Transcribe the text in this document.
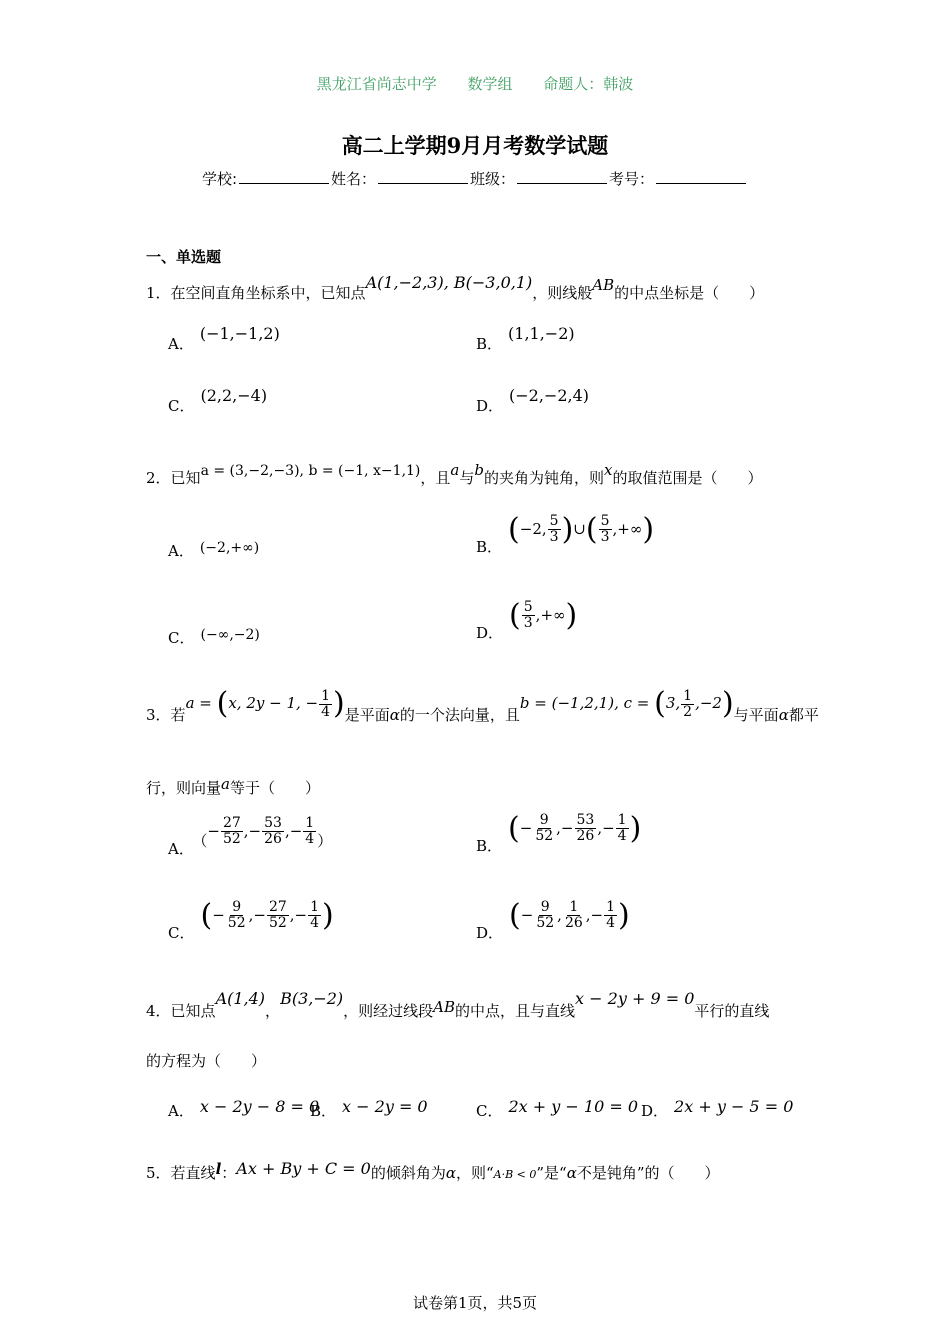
黑龙江省尚志中学 数学组 命题人：韩波
高二上学期9月月考数学试题
学校:	姓名：	班级：	考号：
一、单选题
1．在空间直角坐标系中，已知点A(1,−2,3), B(−3,0,1)，则线般AB的中点坐标是（　　）
A．(−1,−1,2)
B．(1,1,−2)
C．(2,2,−4)
D．(−2,−2,4)
2．已知a = (3,−2,−3), b = (−1, x−1,1)，且a与b的夹角为钝角，则x的取值范围是（　　）
A． (−2,+∞)	B． (−2, $\frac{5}{3}$ )∪( $\frac{5}{3}$ ,+∞)
C． (−∞,−2)	D． ( $\frac{5}{3}$ ,+∞)
3．若a = (x, 2y − 1, − $\frac{1}{4}$ )是平面α的一个法向量，且b = (−1,2,1), c = (3, $\frac{1}{2} ,-2$)与平面α都平
行，则向量a等于（　　）
A． （− $\frac{27}{52}$ ,− $\frac{53}{26}$ ,− $\frac{1}{4}$ ）	B． (− $\frac{9}{52}$ ,− $\frac{53}{26}$ ,− $\frac{1}{4}$ )
C． (− $\frac{9}{52}$ ,− $\frac{27}{52}$ ,− $\frac{1}{4}$ )	D． (− $\frac{9}{52}$ , $\frac{1}{26}$ ,− $\frac{1}{4}$ )
4．已知点A(1,4)，B(3,−2)，则经过线段AB的中点，且与直线x − 2y + 9 = 0平行的直线
的方程为（　　）
A． x − 2y − 8 = 0
B． x − 2y = 0	C． 2x + y − 10 = 0 D． 2x + y − 5 = 0
5．若直线l：Ax + By + C = 0的倾斜角为α，则“A·B < 0”是“α不是钝角”的（　　）
试卷第1页，共5页
